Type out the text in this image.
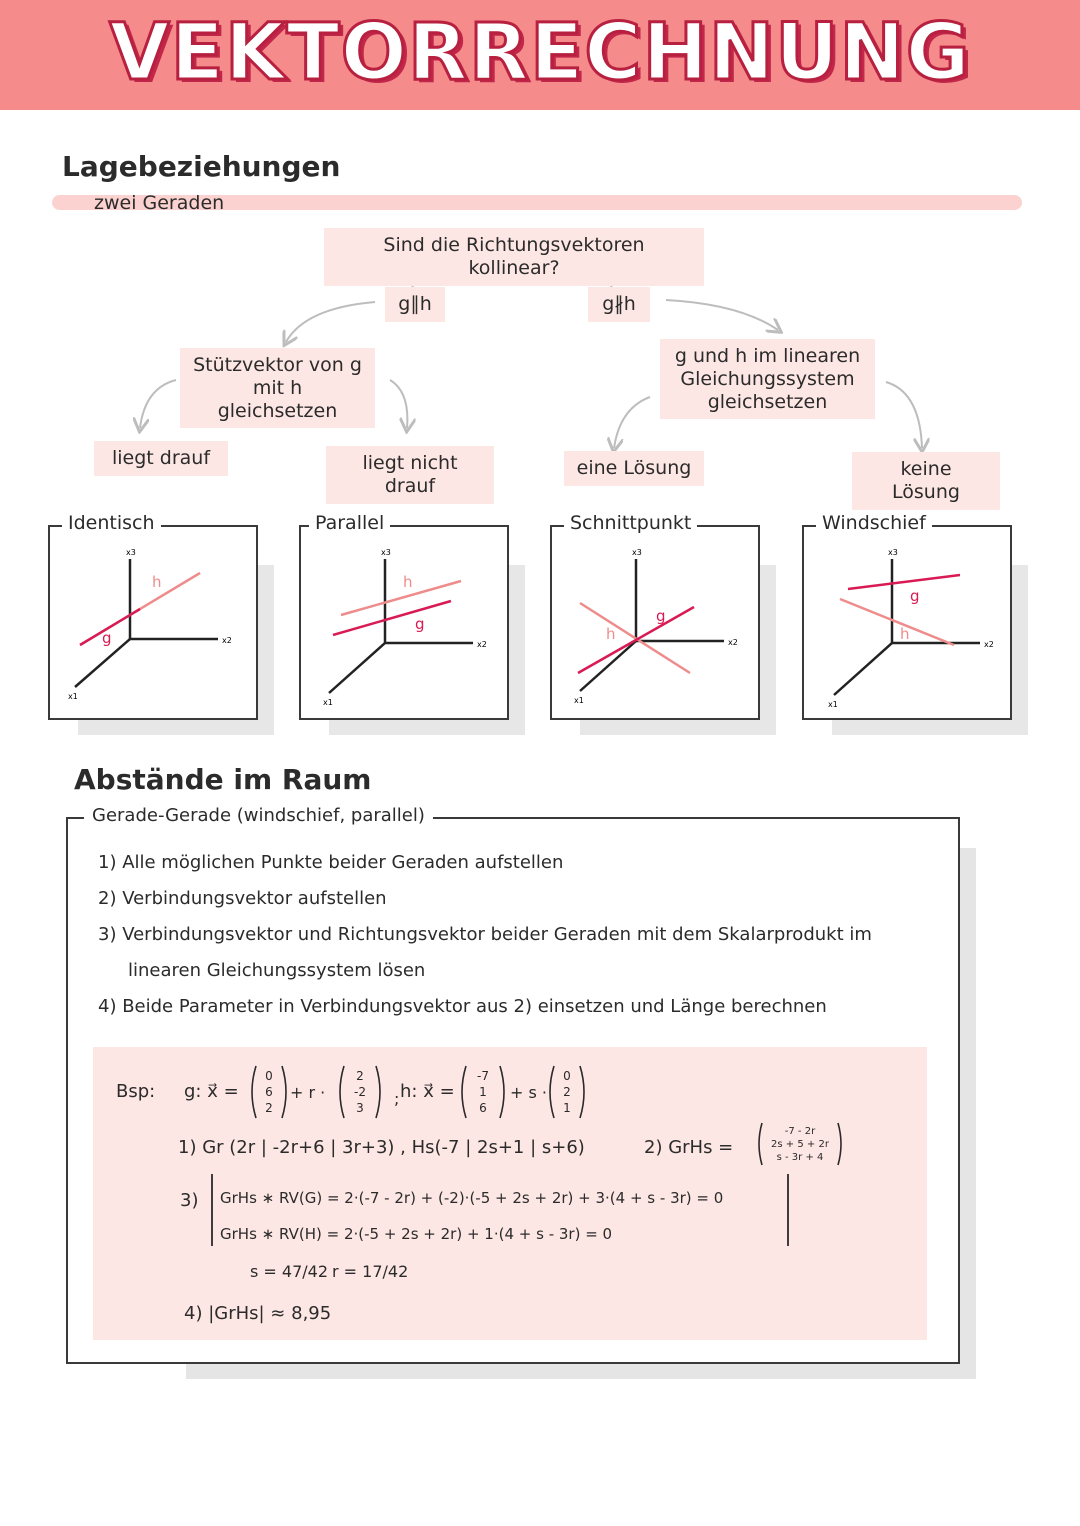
VEKTORRECHNUNG
Lagebeziehungen
zwei Geraden
Sind die Richtungsvektoren kollinear?
g∥h	g∦h
Stützvektor von g mit h gleichsetzen
g und h im linearen Gleichungssystem gleichsetzen
liegt drauf	liegt nicht drauf
eine Lösung	keine Lösung
x3
x2
x1
h
g
Identisch
x3
x2
x1
h
g
Parallel
x3
x2
x1
h
g
Schnittpunkt
x3
x2
x1
h
g
Windschief
Abstände im Raum
Gerade-Gerade (windschief, parallel)
1) Alle möglichen Punkte beider Geraden aufstellen
2) Verbindungsvektor aufstellen
3) Verbindungsvektor und Richtungsvektor beider Geraden mit dem Skalarprodukt im
linearen Gleichungssystem lösen
4) Beide Parameter in Verbindungsvektor aus 2) einsetzen und Länge berechnen
Bsp: g: x⃗ =
0
6
2
2
-2
3
-7
1
6
0
2
1
+ r ·	;	+ s ·
h: x⃗ =
1) Gr (2r | -2r+6 | 3r+3) , Hs(-7 | 2s+1 | s+6)	2) GrHs =
-7 - 2r
2s + 5 + 2r
s - 3r + 4
3) GrHs ∗ RV(G) = 2·(-7 - 2r) + (-2)·(-5 + 2s + 2r) + 3·(4 + s - 3r) = 0
GrHs ∗ RV(H) = 2·(-5 + 2s + 2r) + 1·(4 + s - 3r) = 0
s = 47/42 r = 17/42
4) |GrHs| ≈ 8,95
